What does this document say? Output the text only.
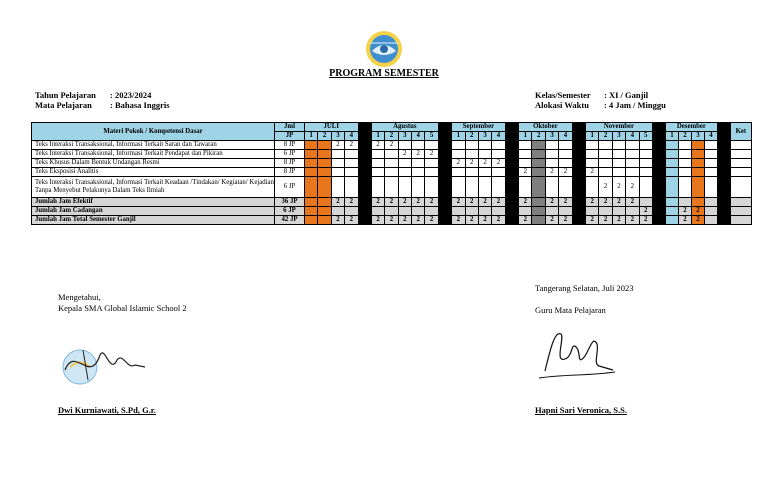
PROGRAM SEMESTER
Tahun Pelajaran : 2023/2024
Mata Pelajaran : Bahasa Inggris
Kelas/Semester : XI / Ganjil
Alokasi Waktu : 4 Jam / Minggu
Materi Pokok / Kompetensi Dasar	Jml	JULI					Agustus						September					Oktober					November						Desember					Ket
	JP	1	2	3	4		1	2	3	4	5		1	2	3	4		1	2	3	4		1	2	3	4	5		1	2	3	4		
Teks Interaksi Transaksional, Informasi Terkait Saran dan Tawaran	8 JP			2	2		2	2																										
Teks Interaksi Transaksional, Informasi Terkait Pendapat dan Pikiran	6 JP								2	2	2																							
Teks Khusus Dalam Bentuk Undangan Resmi	8 JP												2	2	2	2																		
Teks Eksposisi Analitis	8 JP																	2		2	2		2											
Teks Interaksi Transaksional, Informasi Terkait Keadaan /Tindakan/ Kegiatan/ Kejadian Tanpa Menyebut Pelakunya Dalam Teks Ilmiah	6 JP																							2	2	2								
Jumlah Jam Efektif	36 JP			2	2		2	2	2	2	2		2	2	2	2		2		2	2		2	2	2	2								
Jumlah Jam Cadangan	6 JP																										2			2	2			
Jumlah Jam Total Semester Ganjil	42 JP			2	2		2	2	2	2	2		2	2	2	2		2		2	2		2	2	2	2	2			2	2			
Mengetahui,
Kepala SMA Global Islamic School 2
Dwi Kurniawati, S.Pd, G.r.
Tangerang Selatan, Juli 2023
Guru Mata Pelajaran
Hapni Sari Veronica, S.S.
